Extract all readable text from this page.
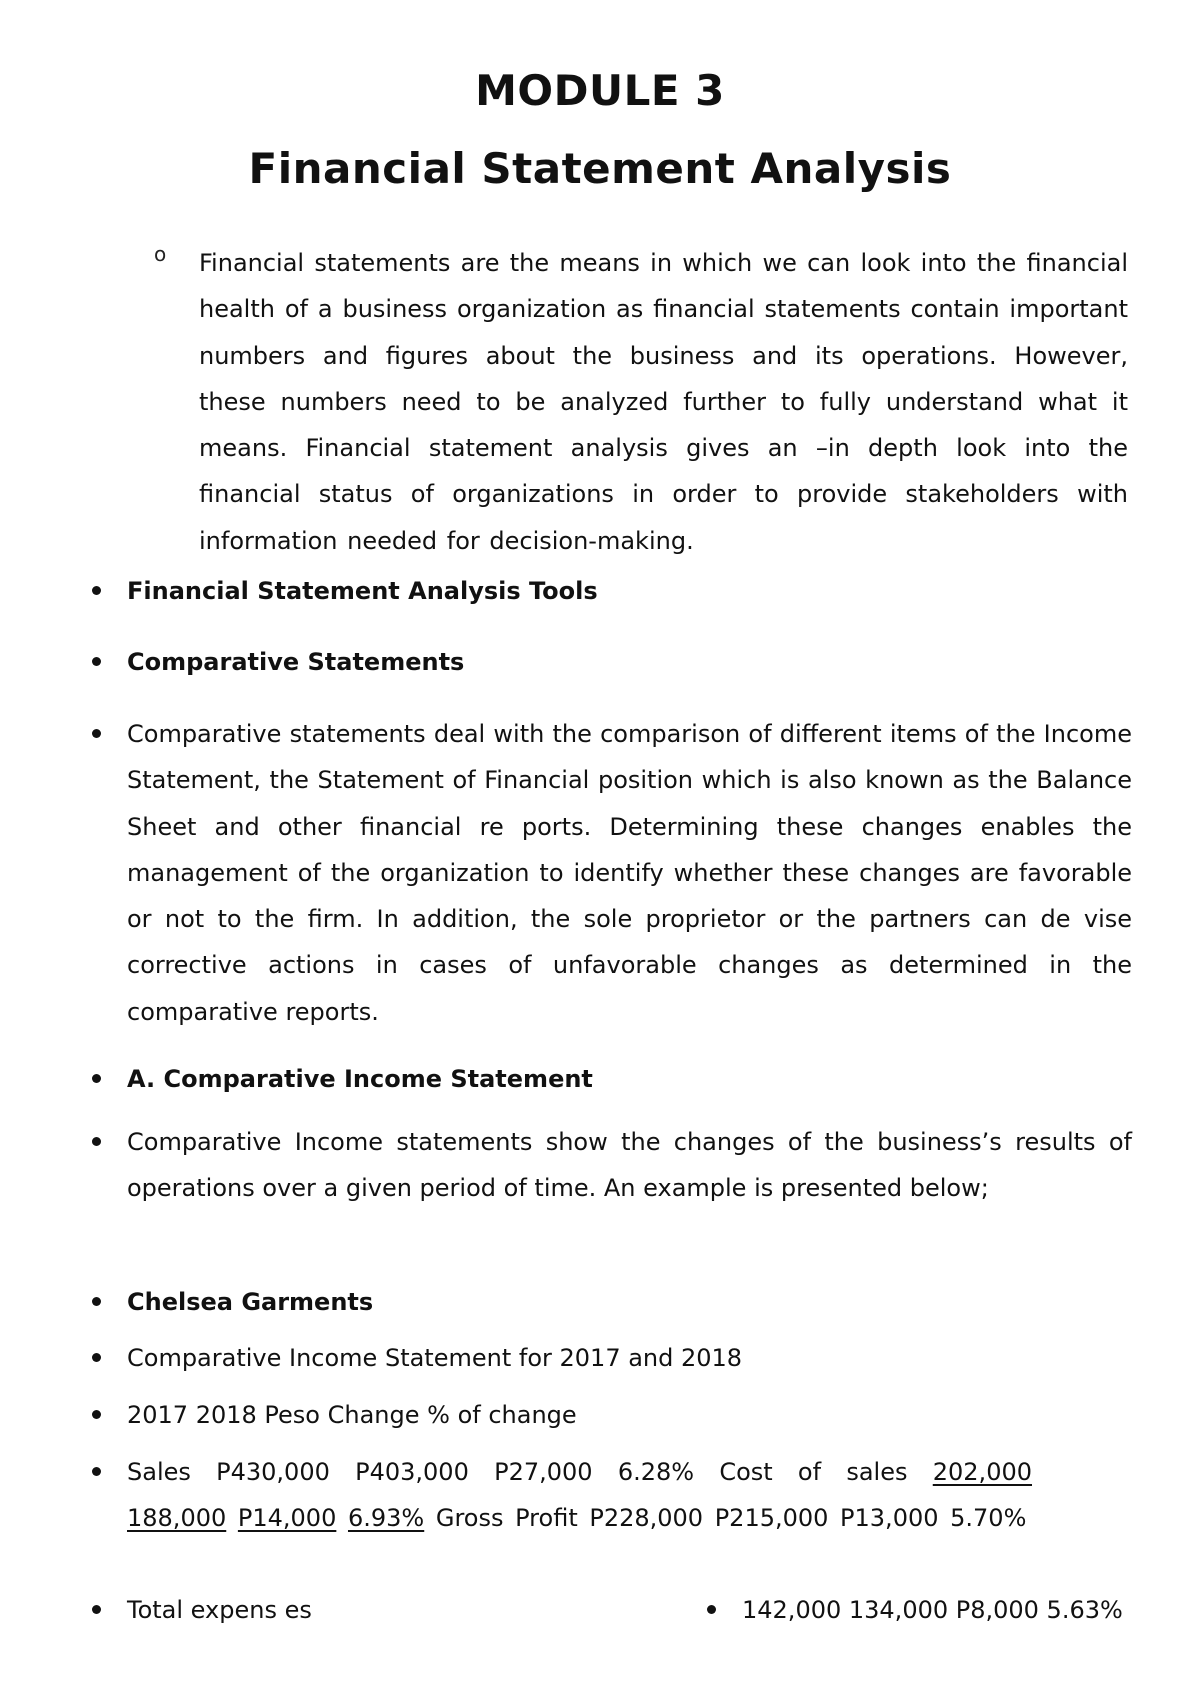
MODULE 3
Financial Statement Analysis
o Financial statements are the means in which we can look into the financial health of a business organization as financial statements contain important numbers and figures about the business and its operations. However, these numbers need to be analyzed further to fully understand what it means. Financial statement analysis gives an –in depth look into the financial status of organizations in order to provide stakeholders with information needed for decision-making.

Financial Statement Analysis Tools
Comparative Statements
Comparative statements deal with the comparison of different items of the Income Statement, the Statement of Financial position which is also known as the Balance Sheet and other financial re ports. Determining these changes enables the management of the organization to identify whether these changes are favorable or not to the firm. In addition, the sole proprietor or the partners can de vise corrective actions in cases of unfavorable changes as determined in the comparative reports.
A. Comparative Income Statement
Comparative Income statements show the changes of the business’s results of operations over a given period of time. An example is presented below;
Chelsea Garments
Comparative Income Statement for 2017 and 2018
2017 2018 Peso Change % of change
Sales P430,000 P403,000 P27,000 6.28% Cost of sales 202,000 188,000 P14,000 6.93% Gross Profit P228,000 P215,000 P13,000 5.70%
Total expens es	142,000 134,000 P8,000 5.63%
